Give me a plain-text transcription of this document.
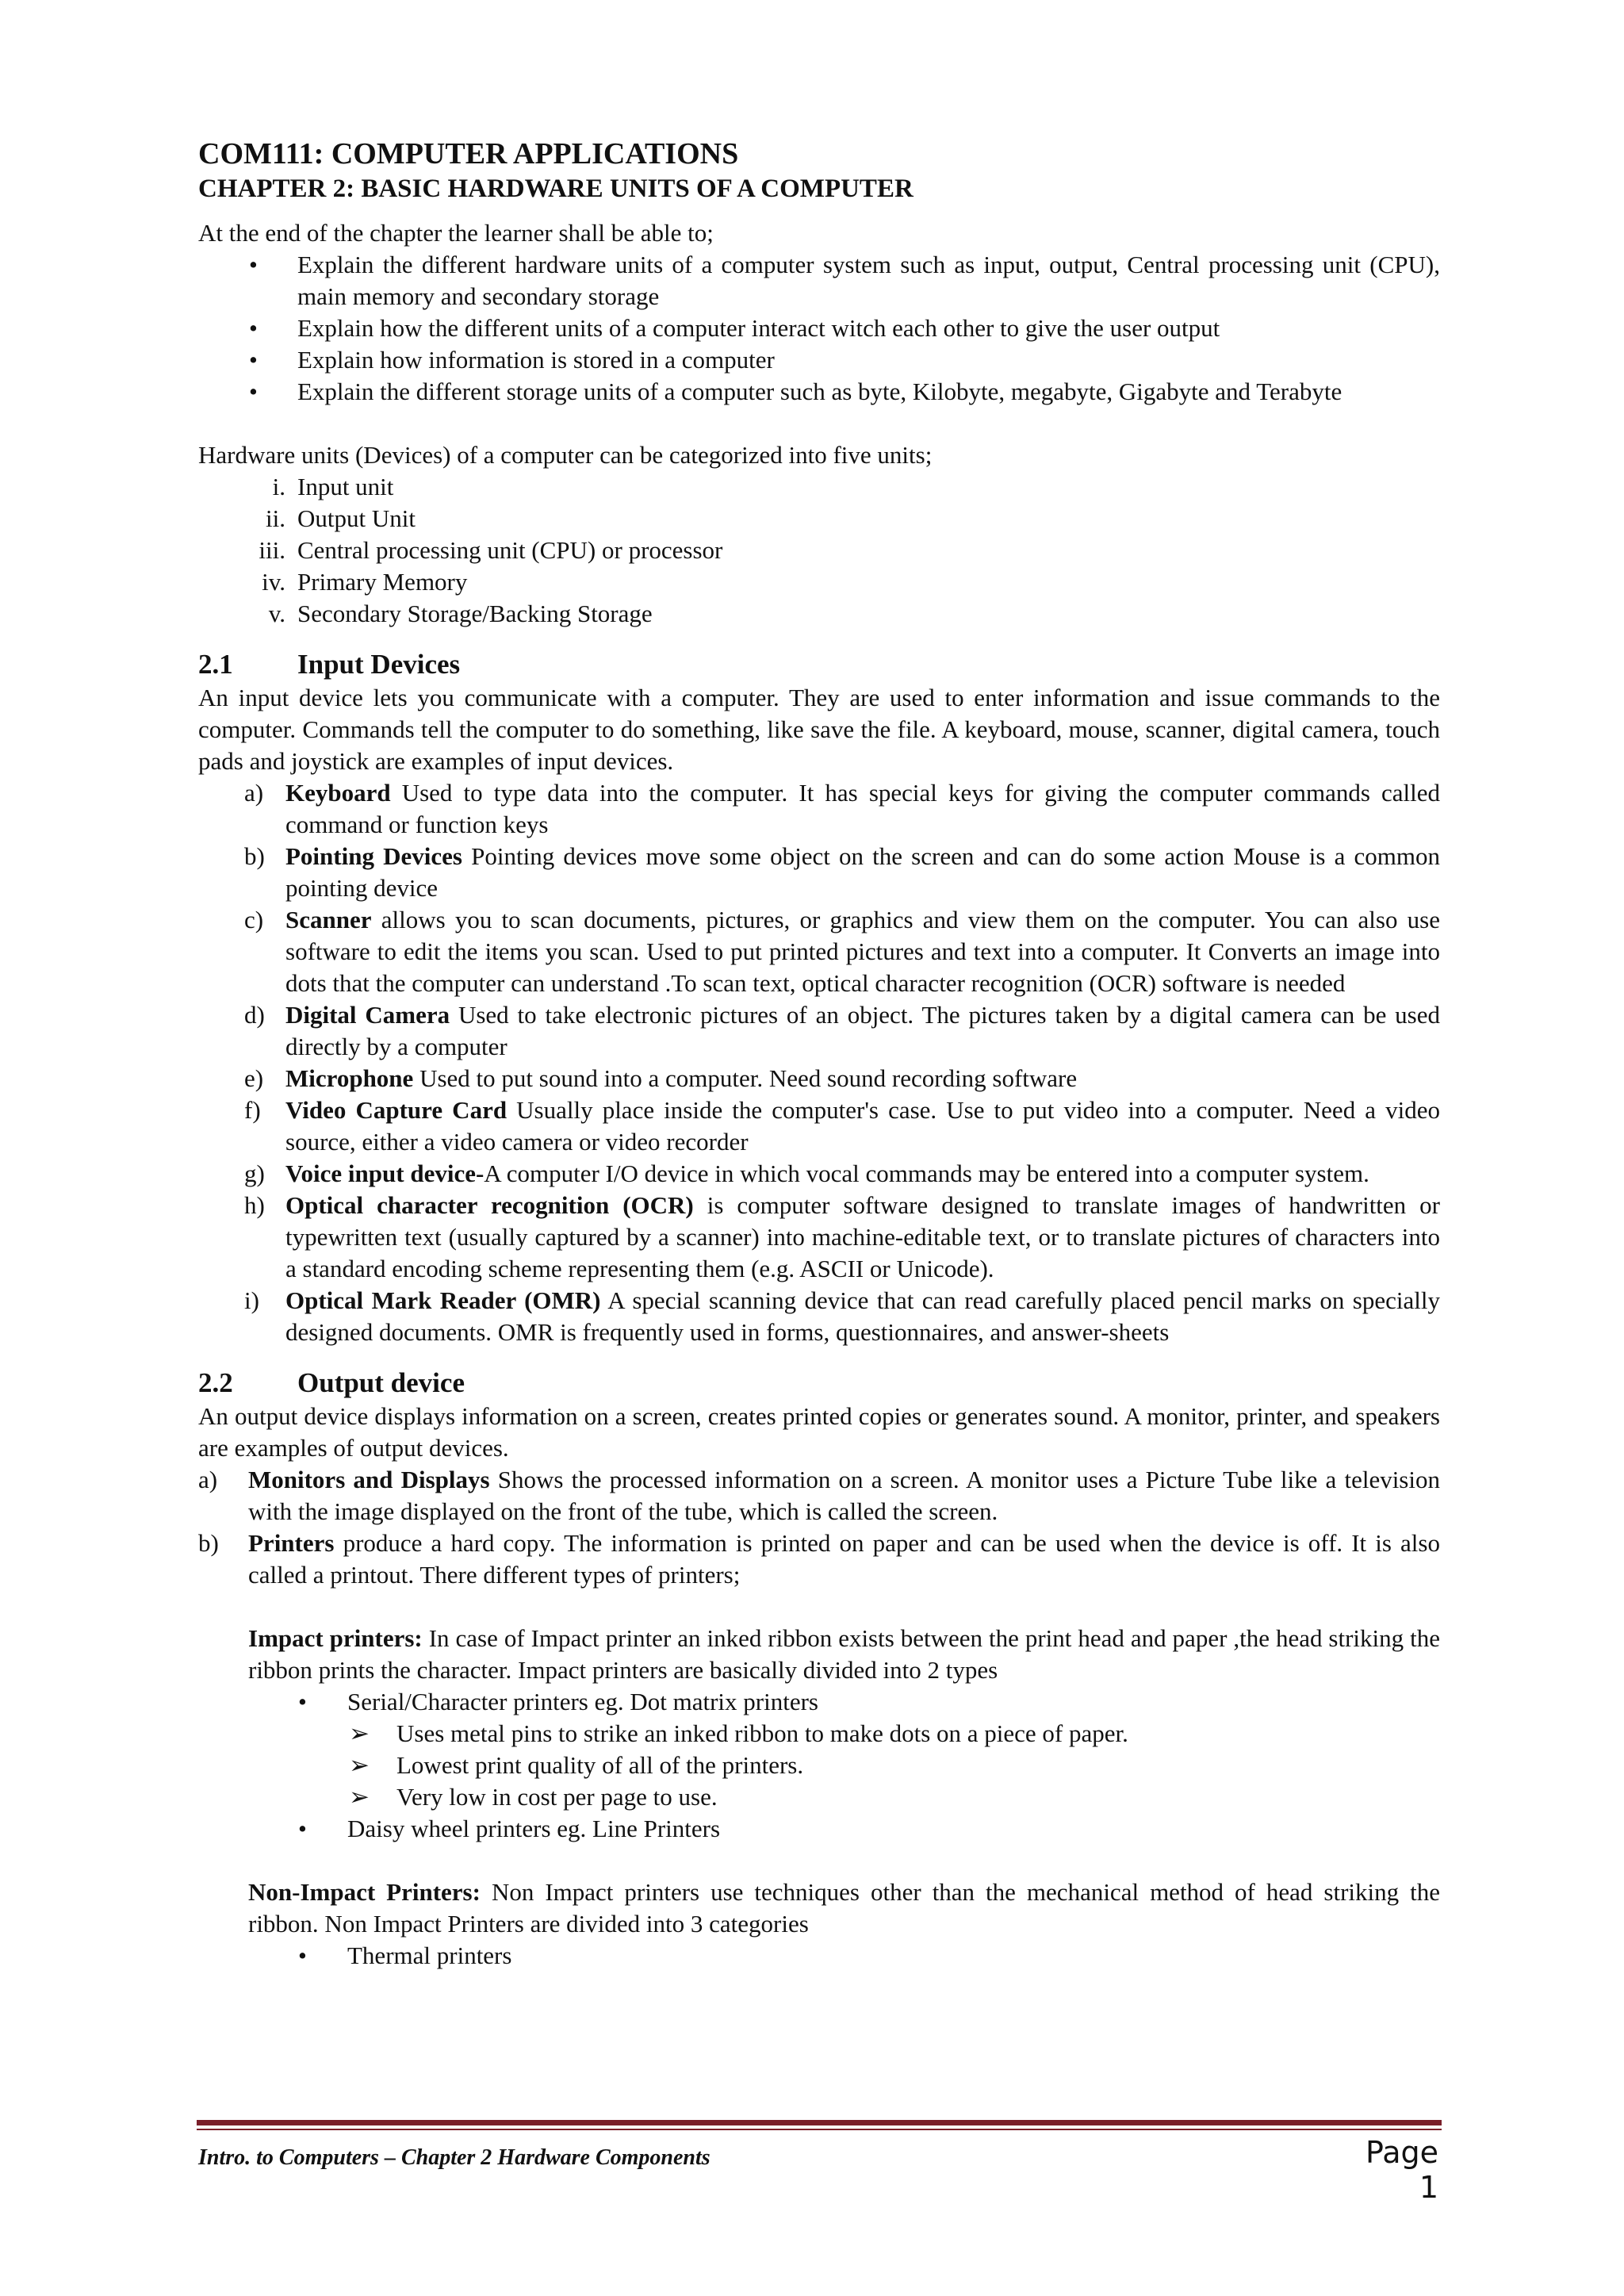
COM111: COMPUTER APPLICATIONS
CHAPTER 2: BASIC HARDWARE UNITS OF A COMPUTER

At the end of the chapter the learner shall be able to;

• Explain the different hardware units of a computer system such as input, output, Central processing unit (CPU), main memory and secondary storage
• Explain how the different units of a computer interact witch each other to give the user output
• Explain how information is stored in a computer
• Explain the different storage units of a computer such as byte, Kilobyte, megabyte, Gigabyte and Terabyte

Hardware units (Devices) of a computer can be categorized into five units;

i. Input unit
ii. Output Unit
iii. Central processing unit (CPU) or processor
iv. Primary Memory
v. Secondary Storage/Backing Storage
2.1 Input Devices

An input device lets you communicate with a computer. They are used to enter information and issue commands to the computer. Commands tell the computer to do something, like save the file. A keyboard, mouse, scanner, digital camera, touch pads and joystick are examples of input devices.

a) Keyboard Used to type data into the computer. It has special keys for giving the computer commands called command or function keys
b) Pointing Devices Pointing devices move some object on the screen and can do some action Mouse is a common pointing device
c) Scanner allows you to scan documents, pictures, or graphics and view them on the computer. You can also use software to edit the items you scan. Used to put printed pictures and text into a computer. It Converts an image into dots that the computer can understand .To scan text, optical character recognition (OCR) software is needed
d) Digital Camera Used to take electronic pictures of an object. The pictures taken by a digital camera can be used directly by a computer
e) Microphone Used to put sound into a computer. Need sound recording software
f) Video Capture Card Usually place inside the computer's case. Use to put video into a computer. Need a video source, either a video camera or video recorder
g) Voice input device-A computer I/O device in which vocal commands may be entered into a computer system.
h) Optical character recognition (OCR) is computer software designed to translate images of handwritten or typewritten text (usually captured by a scanner) into machine-editable text, or to translate pictures of characters into a standard encoding scheme representing them (e.g. ASCII or Unicode).
i) Optical Mark Reader (OMR) A special scanning device that can read carefully placed pencil marks on specially designed documents. OMR is frequently used in forms, questionnaires, and answer-sheets
2.2 Output device

An output device displays information on a screen, creates printed copies or generates sound. A monitor, printer, and speakers are examples of output devices.

a) Monitors and Displays Shows the processed information on a screen. A monitor uses a Picture Tube like a television with the image displayed on the front of the tube, which is called the screen.
b) Printers produce a hard copy. The information is printed on paper and can be used when the device is off. It is also called a printout. There different types of printers;

Impact printers: In case of Impact printer an inked ribbon exists between the print head and paper ,the head striking the ribbon prints the character. Impact printers are basically divided into 2 types

• Serial/Character printers eg. Dot matrix printers
➢ Uses metal pins to strike an inked ribbon to make dots on a piece of paper.
➢ Lowest print quality of all of the printers.
➢ Very low in cost per page to use.
• Daisy wheel printers eg. Line Printers

Non-Impact Printers: Non Impact printers use techniques other than the mechanical method of head striking the ribbon. Non Impact Printers are divided into 3 categories

• Thermal printers
Intro. to Computers – Chapter 2 Hardware Components	Page 1
